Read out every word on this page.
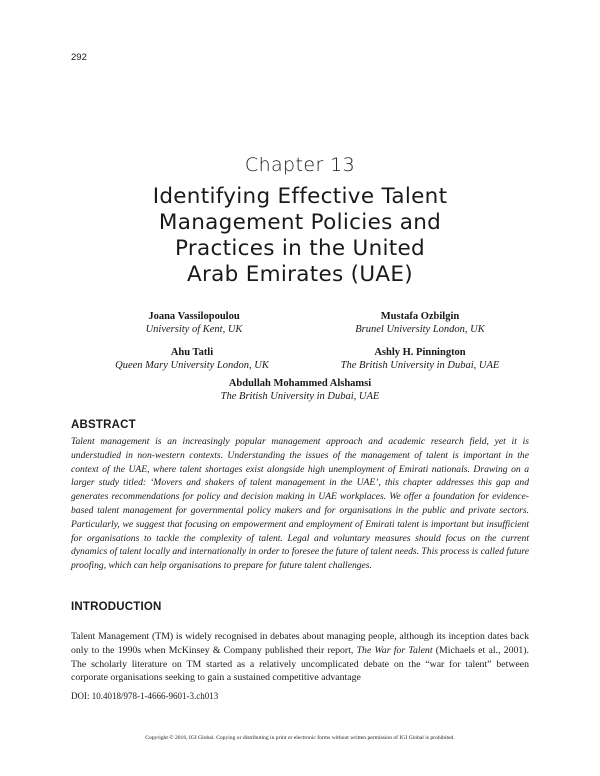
292
Chapter 13
Identifying Effective Talent
Management Policies and
Practices in the United
Arab Emirates (UAE)
Joana Vassilopoulou
University of Kent, UK
Mustafa Ozbilgin
Brunel University London, UK
Ahu Tatli
Queen Mary University London, UK
Ashly H. Pinnington
The British University in Dubai, UAE
Abdullah Mohammed Alshamsi
The British University in Dubai, UAE
ABSTRACT
Talent management is an increasingly popular management approach and academic research field, yet it is understudied in non-western contexts. Understanding the issues of the management of talent is important in the context of the UAE, where talent shortages exist alongside high unemployment of Emirati nationals. Drawing on a larger study titled: ‘Movers and shakers of talent management in the UAE’, this chapter addresses this gap and generates recommendations for policy and decision making in UAE workplaces. We offer a foundation for evidence-based talent management for governmental policy makers and for organisations in the public and private sectors. Particularly, we suggest that focusing on empowerment and employment of Emirati talent is important but insufficient for organisations to tackle the complexity of talent. Legal and voluntary measures should focus on the current dynamics of talent locally and internationally in order to foresee the future of talent needs. This process is called future proofing, which can help organisations to prepare for future talent challenges.
INTRODUCTION
Talent Management (TM) is widely recognised in debates about managing people, although its inception dates back only to the 1990s when McKinsey & Company published their report, The War for Talent (Michaels et al., 2001). The scholarly literature on TM started as a relatively uncomplicated debate on the “war for talent” between corporate organisations seeking to gain a sustained competitive advantage
DOI: 10.4018/978-1-4666-9601-3.ch013
Copyright © 2016, IGI Global. Copying or distributing in print or electronic forms without written permission of IGI Global is prohibited.
